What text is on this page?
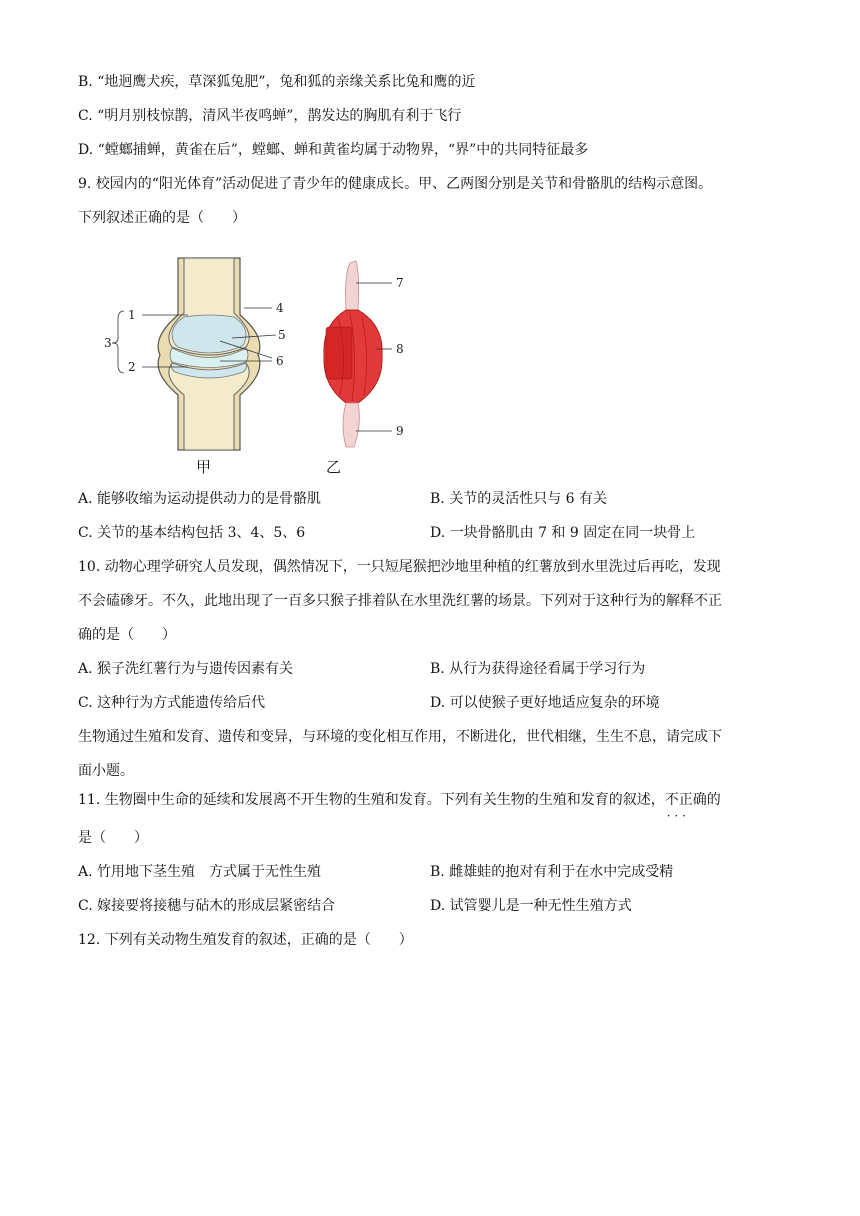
B. “地迥鹰犬疾，草深狐兔肥”，兔和狐的亲缘关系比兔和鹰的近
C. “明月别枝惊鹊，清风半夜鸣蝉”，鹊发达的胸肌有利于飞行
D. “螳螂捕蝉，黄雀在后”，螳螂、蝉和黄雀均属于动物界，“界”中的共同特征最多
9. 校园内的“阳光体育”活动促进了青少年的健康成长。甲、乙两图分别是关节和骨骼肌的结构示意图。
下列叙述正确的是（　　）
1
2
3
4
5
6
7
8
9
甲	乙
A. 能够收缩为运动提供动力的是骨骼肌	B. 关节的灵活性只与 6 有关
C. 关节的基本结构包括 3、4、5、6	D. 一块骨骼肌由 7 和 9 固定在同一块骨上
10. 动物心理学研究人员发现，偶然情况下，一只短尾猴把沙地里种植的红薯放到水里洗过后再吃，发现
不会磕碜牙。不久，此地出现了一百多只猴子排着队在水里洗红薯的场景。下列对于这种行为的解释不正
确的是（　　）
A. 猴子洗红薯行为与遗传因素有关	B. 从行为获得途径看属于学习行为
C. 这种行为方式能遗传给后代	D. 可以使猴子更好地适应复杂的环境
生物通过生殖和发育、遗传和变异，与环境的变化相互作用，不断进化，世代相继，生生不息，请完成下
面小题。
11. 生物圈中生命的延续和发展离不开生物的生殖和发育。下列有关生物的生殖和发育的叙述，不正确 · · ·的
是（　　）
A. 竹用地下茎生殖　方式属于无性生殖	B. 雌雄蛙的抱对有利于在水中完成受精
C. 嫁接要将接穗与砧木的形成层紧密结合	D. 试管婴儿是一种无性生殖方式
12. 下列有关动物生殖发育的叙述，正确的是（　　）
